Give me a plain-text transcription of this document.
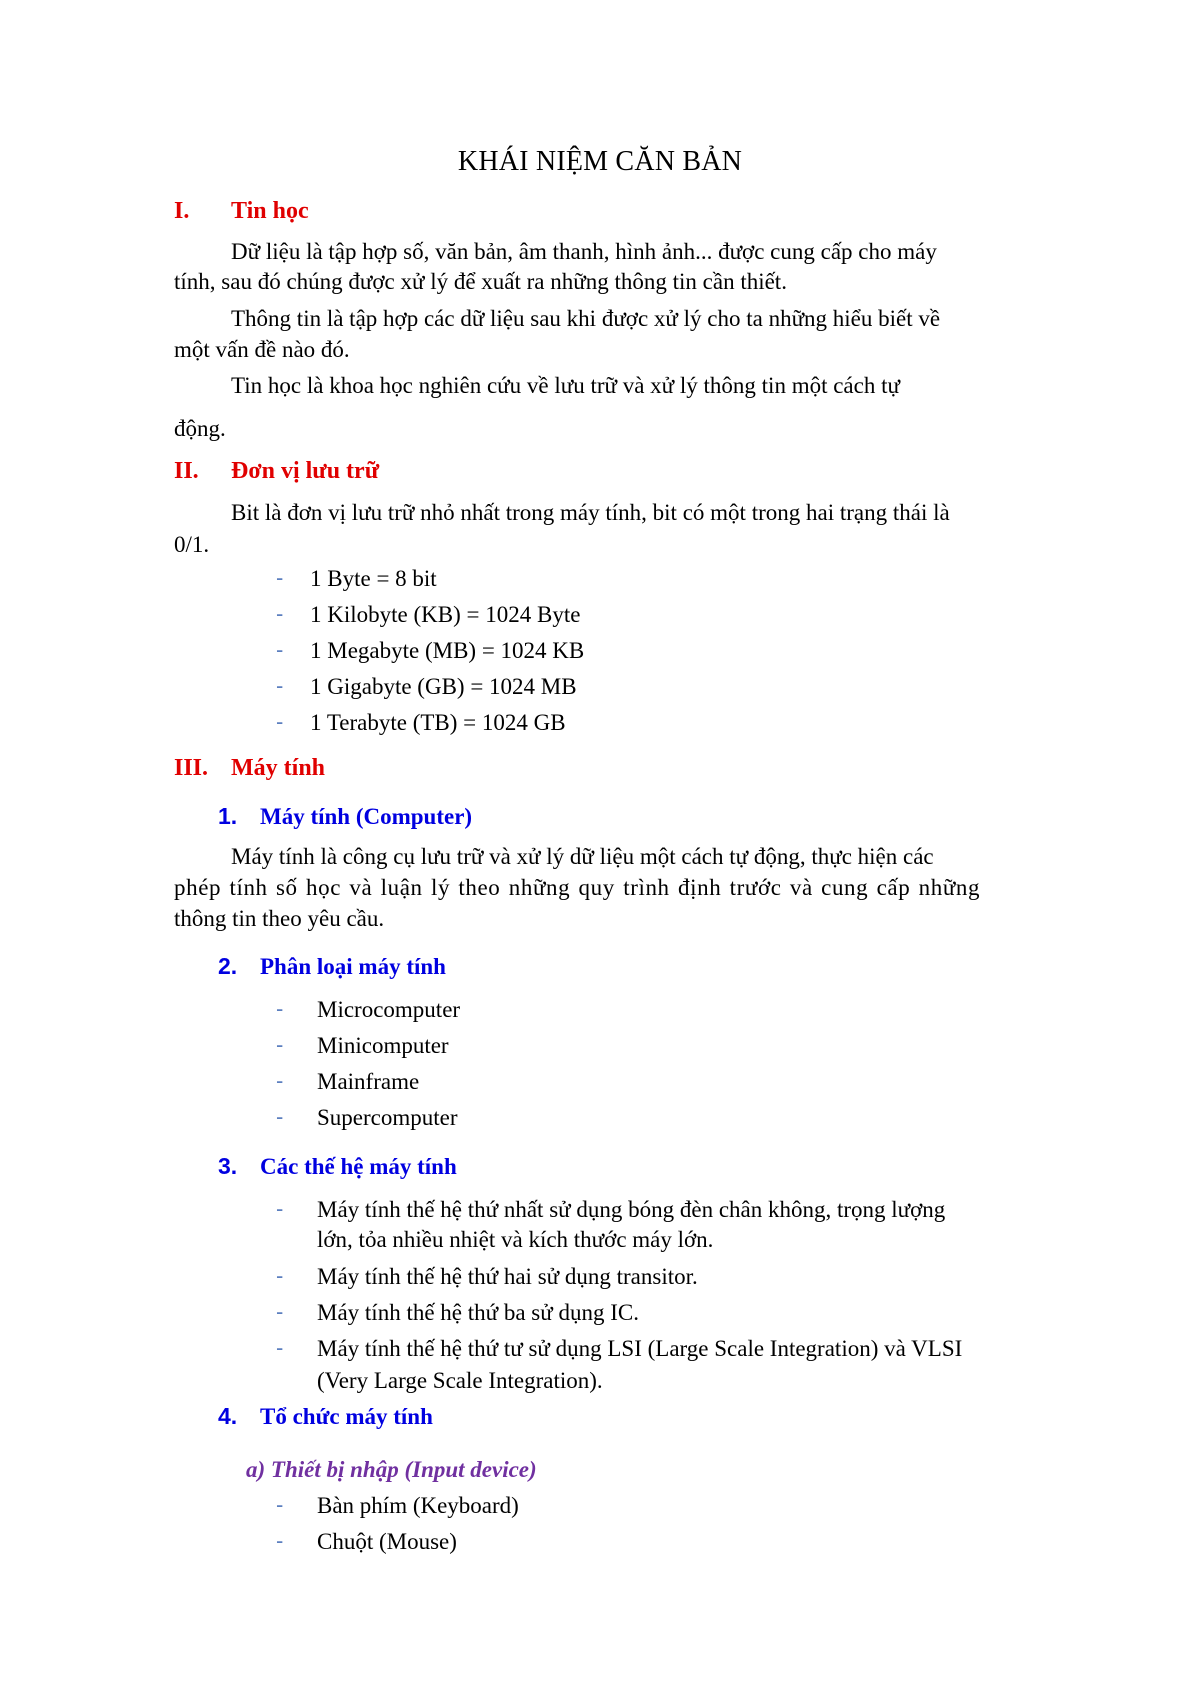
KHÁI NIỆM CĂN BẢN
I. Tin học
Dữ liệu là tập hợp số, văn bản, âm thanh, hình ảnh... được cung cấp cho máy
tính, sau đó chúng được xử lý để xuất ra những thông tin cần thiết.
Thông tin là tập hợp các dữ liệu sau khi được xử lý cho ta những hiểu biết về
một vấn đề nào đó.
Tin học là khoa học nghiên cứu về lưu trữ và xử lý thông tin một cách tự
động.
II. Đơn vị lưu trữ
Bit là đơn vị lưu trữ nhỏ nhất trong máy tính, bit có một trong hai trạng thái là
0/1.
- 1 Byte = 8 bit
- 1 Kilobyte (KB) = 1024 Byte
- 1 Megabyte (MB) = 1024 KB
- 1 Gigabyte (GB) = 1024 MB
- 1 Terabyte (TB) = 1024 GB
III. Máy tính
1. Máy tính (Computer)
Máy tính là công cụ lưu trữ và xử lý dữ liệu một cách tự động, thực hiện các
phép tính số học và luận lý theo những quy trình định trước và cung cấp những
thông tin theo yêu cầu.
2. Phân loại máy tính
- Microcomputer
- Minicomputer
- Mainframe
- Supercomputer
3. Các thế hệ máy tính
- Máy tính thế hệ thứ nhất sử dụng bóng đèn chân không, trọng lượng
lớn, tỏa nhiều nhiệt và kích thước máy lớn.
- Máy tính thế hệ thứ hai sử dụng transitor.
- Máy tính thế hệ thứ ba sử dụng IC.
- Máy tính thế hệ thứ tư sử dụng LSI (Large Scale Integration) và VLSI
(Very Large Scale Integration).
4. Tổ chức máy tính
a) Thiết bị nhập (Input device)
- Bàn phím (Keyboard)
- Chuột (Mouse)
